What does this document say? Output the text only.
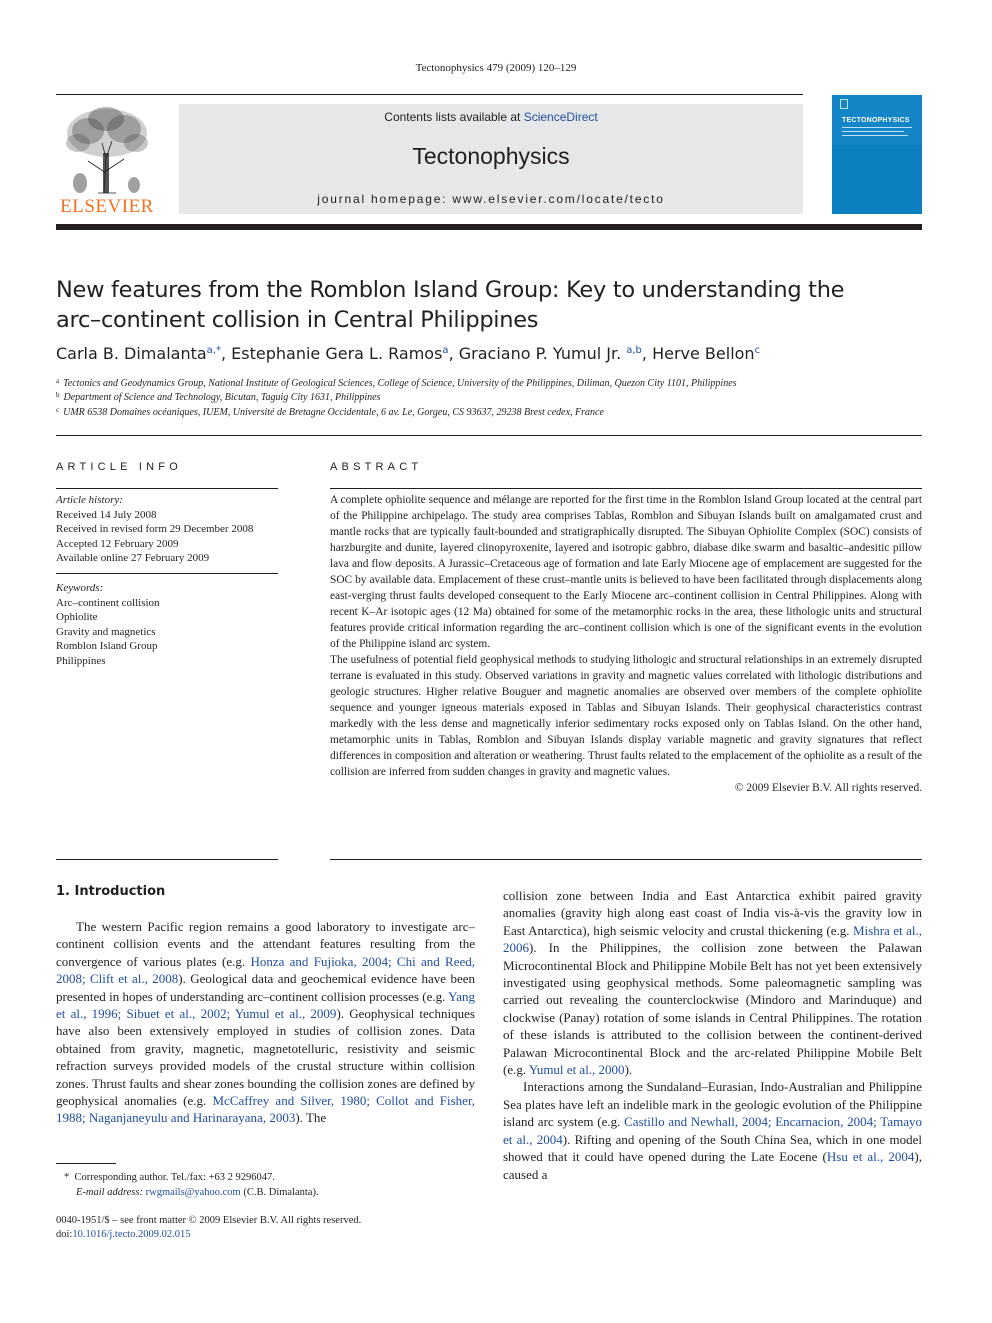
Tectonophysics 479 (2009) 120–129
ELSEVIER
Contents lists available at ScienceDirect
Tectonophysics
journal homepage: www.elsevier.com/locate/tecto
TECTONOPHYSICS
New features from the Romblon Island Group: Key to understanding the
arc–continent collision in Central Philippines
Carla B. Dimalanta$^{a,*}$, Estephanie Gera L. Ramos$^a$, Graciano P. Yumul Jr. $^{a,b}$, Herve Bellon$^c$
$^a$ Tectonics and Geodynamics Group, National Institute of Geological Sciences, College of Science, University of the Philippines, Diliman, Quezon City 1101, Philippines
$^b$ Department of Science and Technology, Bicutan, Taguig City 1631, Philippines
$^c$ UMR 6538 Domaines océaniques, IUEM, Université de Bretagne Occidentale, 6 av. Le, Gorgeu, CS 93637, 29238 Brest cedex, France
ARTICLE INFO	ABSTRACT
Article history:
Received 14 July 2008
Received in revised form 29 December 2008
Accepted 12 February 2009
Available online 27 February 2009
Keywords:
Arc–continent collision
Ophiolite
Gravity and magnetics
Romblon Island Group
Philippines

A complete ophiolite sequence and mélange are reported for the first time in the Romblon Island Group located at the central part of the Philippine archipelago. The study area comprises Tablas, Romblon and Sibuyan Islands built on amalgamated crust and mantle rocks that are typically fault-bounded and stratigraphically disrupted. The Sibuyan Ophiolite Complex (SOC) consists of harzburgite and dunite, layered clinopyroxenite, layered and isotropic gabbro, diabase dike swarm and basaltic–andesitic pillow lava and flow deposits. A Jurassic–Cretaceous age of formation and late Early Miocene age of emplacement are suggested for the SOC by available data. Emplacement of these crust–mantle units is believed to have been facilitated through displacements along east-verging thrust faults developed consequent to the Early Miocene arc–continent collision in Central Philippines. Along with recent K–Ar isotopic ages (12 Ma) obtained for some of the metamorphic rocks in the area, these lithologic units and structural features provide critical information regarding the arc–continent collision which is one of the significant events in the evolution of the Philippine island arc system.

The usefulness of potential field geophysical methods to studying lithologic and structural relationships in an extremely disrupted terrane is evaluated in this study. Observed variations in gravity and magnetic values correlated with lithologic distributions and geologic structures. Higher relative Bouguer and magnetic anomalies are observed over members of the complete ophiolite sequence and younger igneous materials exposed in Tablas and Sibuyan Islands. Their geophysical characteristics contrast markedly with the less dense and magnetically inferior sedimentary rocks exposed only on Tablas Island. On the other hand, metamorphic units in Tablas, Romblon and Sibuyan Islands display variable magnetic and gravity signatures that reflect differences in composition and alteration or weathering. Thrust faults related to the emplacement of the ophiolite as a result of the collision are inferred from sudden changes in gravity and magnetic values.

© 2009 Elsevier B.V. All rights reserved.

1. Introduction

The western Pacific region remains a good laboratory to investigate arc–continent collision events and the attendant features resulting from the convergence of various plates (e.g. Honza and Fujioka, 2004; Chi and Reed, 2008; Clift et al., 2008). Geological data and geochemical evidence have been presented in hopes of understanding arc–continent collision processes (e.g. Yang et al., 1996; Sibuet et al., 2002; Yumul et al., 2009). Geophysical techniques have also been extensively employed in studies of collision zones. Data obtained from gravity, magnetic, magnetotelluric, resistivity and seismic refraction surveys provided models of the crustal structure within collision zones. Thrust faults and shear zones bounding the collision zones are defined by geophysical anomalies (e.g. McCaffrey and Silver, 1980; Collot and Fisher, 1988; Naganjaneyulu and Harinarayana, 2003). The

collision zone between India and East Antarctica exhibit paired gravity anomalies (gravity high along east coast of India vis-à-vis the gravity low in East Antarctica), high seismic velocity and crustal thickening (e.g. Mishra et al., 2006). In the Philippines, the collision zone between the Palawan Microcontinental Block and Philippine Mobile Belt has not yet been extensively investigated using geophysical methods. Some paleomagnetic sampling was carried out revealing the counterclockwise (Mindoro and Marinduque) and clockwise (Panay) rotation of some islands in Central Philippines. The rotation of these islands is attributed to the collision between the continent-derived Palawan Microcontinental Block and the arc-related Philippine Mobile Belt (e.g. Yumul et al., 2000).

Interactions among the Sundaland–Eurasian, Indo-Australian and Philippine Sea plates have left an indelible mark in the geologic evolution of the Philippine island arc system (e.g. Castillo and Newhall, 2004; Encarnacion, 2004; Tamayo et al., 2004). Rifting and opening of the South China Sea, which in one model showed that it could have opened during the Late Eocene (Hsu et al., 2004), caused a

*  Corresponding author. Tel./fax: +63 2 9296047.
E-mail address: rwgmails@yahoo.com (C.B. Dimalanta).
0040-1951/$ – see front matter © 2009 Elsevier B.V. All rights reserved.
doi:10.1016/j.tecto.2009.02.015
